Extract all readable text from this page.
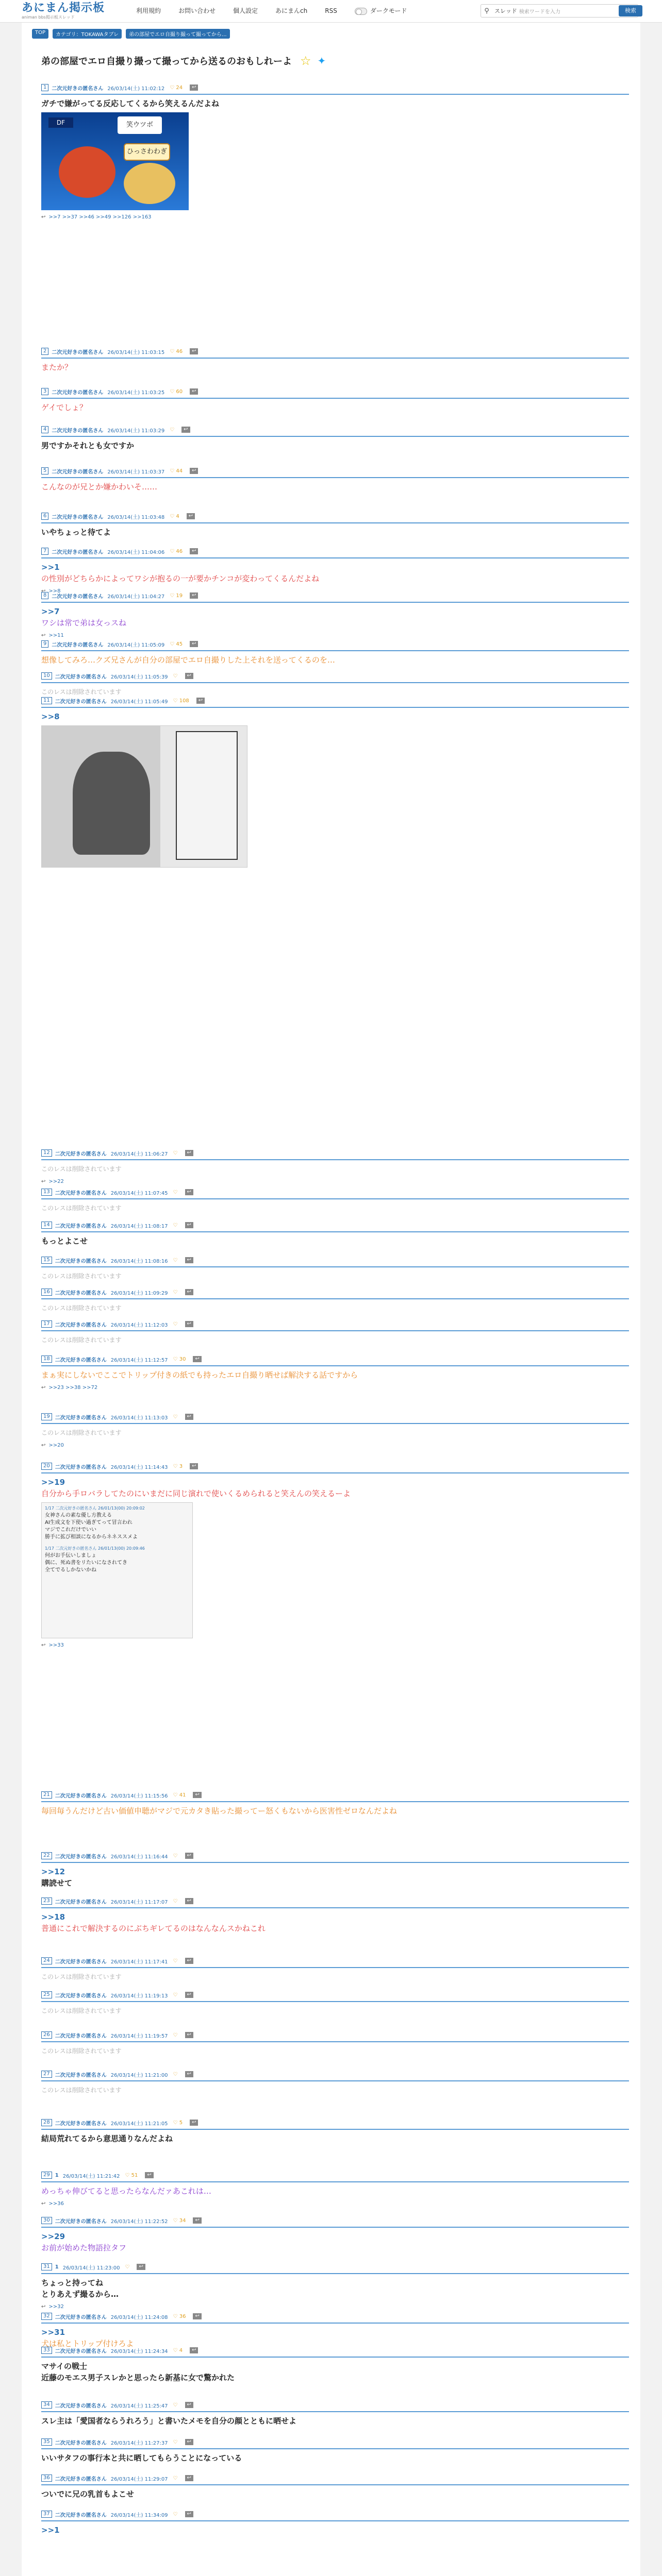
あにまん掲示板
animan bbs掲示板スレッド
利用規約	お問い合わせ	個人設定	あにまんch	RSS	ダークモード	⚲ スレッド 検索ワードを入力	検索
TOP	カテゴリ：TOKAWAタブレ	弟の部屋でエロ自撮り撮って撮ってから...
弟の部屋でエロ自撮り撮って撮ってから送るのおもしれーよ ☆ ✦
1	二次元好きの匿名さん 26/03/14(土) 11:02:12 ♡ 24	↩
ガチで嫌がってる反応してくるから笑えるんだよね
DF	笑ウツボ
ひっさわわぎ
↩ >>7 >>37 >>46 >>49 >>126 >>163
2	二次元好きの匿名さん 26/03/14(土) 11:03:15 ♡ 46	↩
またか？
3	二次元好きの匿名さん 26/03/14(土) 11:03:25 ♡ 60	↩
ゲイでしょ？
4	二次元好きの匿名さん 26/03/14(土) 11:03:29 ♡	↩
男ですかそれとも女ですか
5	二次元好きの匿名さん 26/03/14(土) 11:03:37 ♡ 44	↩
こんなのが兄とか嫌かわいそ……
6	二次元好きの匿名さん 26/03/14(土) 11:03:48 ♡ 4	↩
いやちょっと待てよ
7	二次元好きの匿名さん 26/03/14(土) 11:04:06 ♡ 46	↩
>>1
の性別がどちらかによってワシが抱るの一が要かチンコが変わってくるんだよね
↩ >>8
8	二次元好きの匿名さん 26/03/14(土) 11:04:27 ♡ 19	↩
>>7
ワシは常で弟は女っスね
↩ >>11
9	二次元好きの匿名さん 26/03/14(土) 11:05:09 ♡ 45	↩
想像してみろ…クズ兄さんが自分の部屋でエロ自撮りした上それを送ってくるのを…
10	二次元好きの匿名さん 26/03/14(土) 11:05:39 ♡	↩
このレスは削除されています
11	二次元好きの匿名さん 26/03/14(土) 11:05:49 ♡ 108	↩
>>8
12	二次元好きの匿名さん 26/03/14(土) 11:06:27 ♡	↩
このレスは削除されています
↩ >>22
13	二次元好きの匿名さん 26/03/14(土) 11:07:45 ♡	↩
このレスは削除されています
14	二次元好きの匿名さん 26/03/14(土) 11:08:17 ♡	↩
もっとよこせ
15	二次元好きの匿名さん 26/03/14(土) 11:08:16 ♡	↩
このレスは削除されています
16	二次元好きの匿名さん 26/03/14(土) 11:09:29 ♡	↩
このレスは削除されています
17	二次元好きの匿名さん 26/03/14(土) 11:12:03 ♡	↩
このレスは削除されています
18	二次元好きの匿名さん 26/03/14(土) 11:12:57 ♡ 30	↩
まぁ実にしないでここでトリップ付きの紙でも持ったエロ自撮り晒せば解決する話ですから
↩ >>23 >>38 >>72
19	二次元好きの匿名さん 26/03/14(土) 11:13:03 ♡	↩
このレスは削除されています
↩ >>20
20	二次元好きの匿名さん 26/03/14(土) 11:14:43 ♡ 3	↩
>>19
自分から手ロバラしてたのにいまだに同じ演れで使いくるめられると笑えんの笑えるーよ
1/17 二次元好きの匿名さん 26/01/13(00) 20:09:02
女神さんの素な優し方教える
AI生成文を下使い過ぎてって冒言われ
マジでこれだけでいい
勝手に拡び相談になるからネネススメよ
1/17 二次元好きの匿名さん 26/01/13(00) 20:09:46
何がお手伝いしましょ
偶に、死ぬ書をリたいになされてき
全てでるしかないかね
↩ >>33
21	二次元好きの匿名さん 26/03/14(土) 11:15:56 ♡ 41	↩
毎回毎うんだけど古い価値申聴がマジで元カタき貼った撮ってー怒くもないから医害性ゼロなんだよね
22	二次元好きの匿名さん 26/03/14(土) 11:16:44 ♡	↩
>>12
購読せて
23	二次元好きの匿名さん 26/03/14(土) 11:17:07 ♡	↩
>>18
普通にこれで解決するのにぶちギレてるのはなんなんスかねこれ
24	二次元好きの匿名さん 26/03/14(土) 11:17:41 ♡	↩
このレスは削除されています
25	二次元好きの匿名さん 26/03/14(土) 11:19:13 ♡	↩
このレスは削除されています
26	二次元好きの匿名さん 26/03/14(土) 11:19:57 ♡	↩
このレスは削除されています
27	二次元好きの匿名さん 26/03/14(土) 11:21:00 ♡	↩
このレスは削除されています
28	二次元好きの匿名さん 26/03/14(土) 11:21:05 ♡ 5	↩
結局荒れてるから意思通りなんだよね
29	1 26/03/14(土) 11:21:42 ♡ 51	↩
めっちゃ伸びてると思ったらなんだァあこれは…
↩ >>36
30	二次元好きの匿名さん 26/03/14(土) 11:22:52 ♡ 34	↩
>>29
お前が始めた物語拉タフ
31	1 26/03/14(土) 11:23:00 ♡	↩
ちょっと持ってね
とりあえず撮るから…
↩ >>32
32	二次元好きの匿名さん 26/03/14(土) 11:24:08 ♡ 36	↩
>>31
犬は私とトリップ付けろよ
33	二次元好きの匿名さん 26/03/14(土) 11:24:34 ♡ 4	↩
マサイの戦士
近藤のモエス男子スレかと思ったら新基に女で驚かれた
34	二次元好きの匿名さん 26/03/14(土) 11:25:47 ♡	↩
スレ主は「愛国者ならうれろう」と書いたメモを自分の顔とともに晒せよ
35	二次元好きの匿名さん 26/03/14(土) 11:27:37 ♡	↩
いいサタフの事行本と共に晒してもらうことになっている
36	二次元好きの匿名さん 26/03/14(土) 11:29:07 ♡	↩
ついでに兄の乳首もよこせ
37	二次元好きの匿名さん 26/03/14(土) 11:34:09 ♡	↩
>>1
